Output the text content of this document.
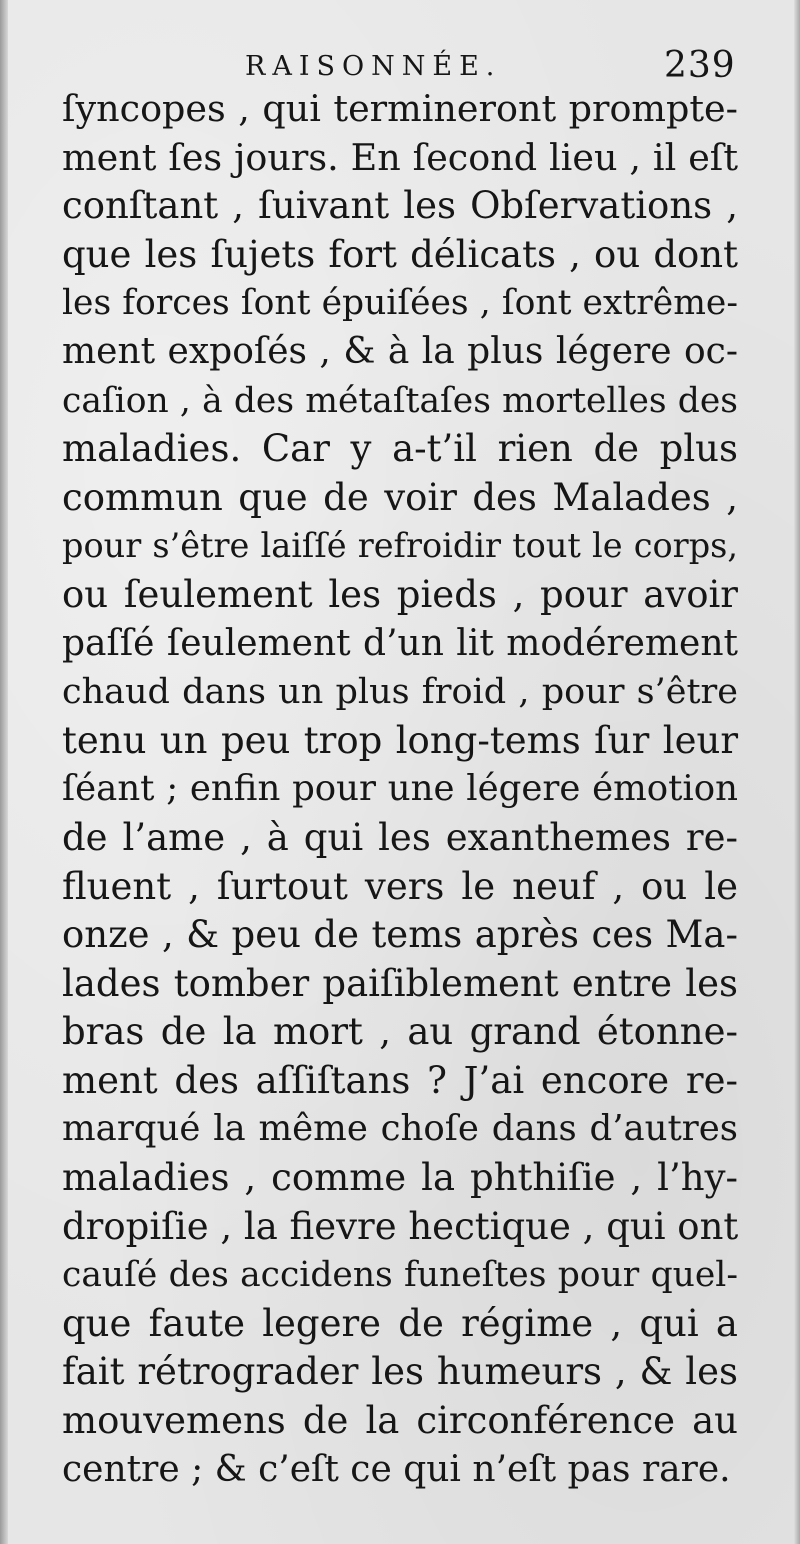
RAISONNÉE.	239
ſyncopes , qui termineront prompte-
ment ſes jours. En ſecond lieu , il eſt
conſtant , ſuivant les Obſervations ,
que les ſujets fort délicats , ou dont
les forces ſont épuiſées , ſont extrême-
ment expoſés , & à la plus légere oc-
caſion , à des métaſtaſes mortelles des
maladies. Car y a-t’il rien de plus
commun que de voir des Malades ,
pour s’être laiſſé refroidir tout le corps,
ou ſeulement les pieds , pour avoir
paſſé ſeulement d’un lit modérement
chaud dans un plus froid , pour s’être
tenu un peu trop long-tems ſur leur
ſéant ; enfin pour une légere émotion
de l’ame , à qui les exanthemes re-
fluent , ſurtout vers le neuf , ou le
onze , & peu de tems après ces Ma-
lades tomber paiſiblement entre les
bras de la mort , au grand étonne-
ment des aſſiſtans ? J’ai encore re-
marqué la même choſe dans d’autres
maladies , comme la phthiſie , l’hy-
dropiſie , la fievre hectique , qui ont
cauſé des accidens funeſtes pour quel-
que faute legere de régime , qui a
fait rétrograder les humeurs , & les
mouvemens de la circonférence au
centre ; & c’eſt ce qui n’eſt pas rare.
